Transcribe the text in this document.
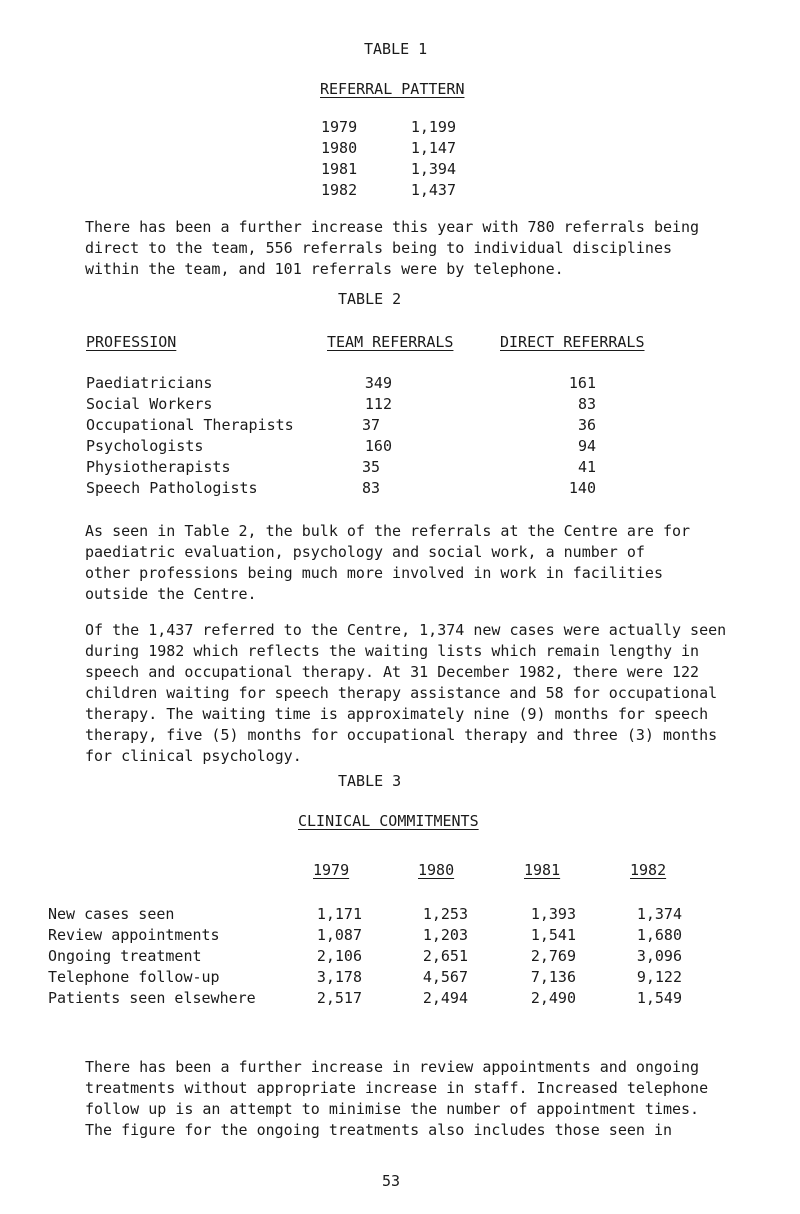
TABLE 1
REFERRAL PATTERN
1979	1,199
1980	1,147
1981	1,394
1982	1,437
There has been a further increase this year with 780 referrals being
direct to the team, 556 referrals being to individual disciplines
within the team, and 101 referrals were by telephone.
TABLE 2
PROFESSION	TEAM REFERRALS	DIRECT REFERRALS
Paediatricians	349	161
Social Workers	112	83
Occupational Therapists	37	36
Psychologists	160	94
Physiotherapists	35	41
Speech Pathologists	83	140
As seen in Table 2, the bulk of the referrals at the Centre are for
paediatric evaluation, psychology and social work, a number of
other professions being much more involved in work in facilities
outside the Centre.
Of the 1,437 referred to the Centre, 1,374 new cases were actually seen
during 1982 which reflects the waiting lists which remain lengthy in
speech and occupational therapy. At 31 December 1982, there were 122
children waiting for speech therapy assistance and 58 for occupational
therapy. The waiting time is approximately nine (9) months for speech
therapy, five (5) months for occupational therapy and three (3) months
for clinical psychology.
TABLE 3
CLINICAL COMMITMENTS
1979	1980	1981	1982
New cases seen	1,171	1,253	1,393	1,374
Review appointments	1,087	1,203	1,541	1,680
Ongoing treatment	2,106	2,651	2,769	3,096
Telephone follow-up	3,178	4,567	7,136	9,122
Patients seen elsewhere	2,517	2,494	2,490	1,549
There has been a further increase in review appointments and ongoing
treatments without appropriate increase in staff. Increased telephone
follow up is an attempt to minimise the number of appointment times.
The figure for the ongoing treatments also includes those seen in
53
